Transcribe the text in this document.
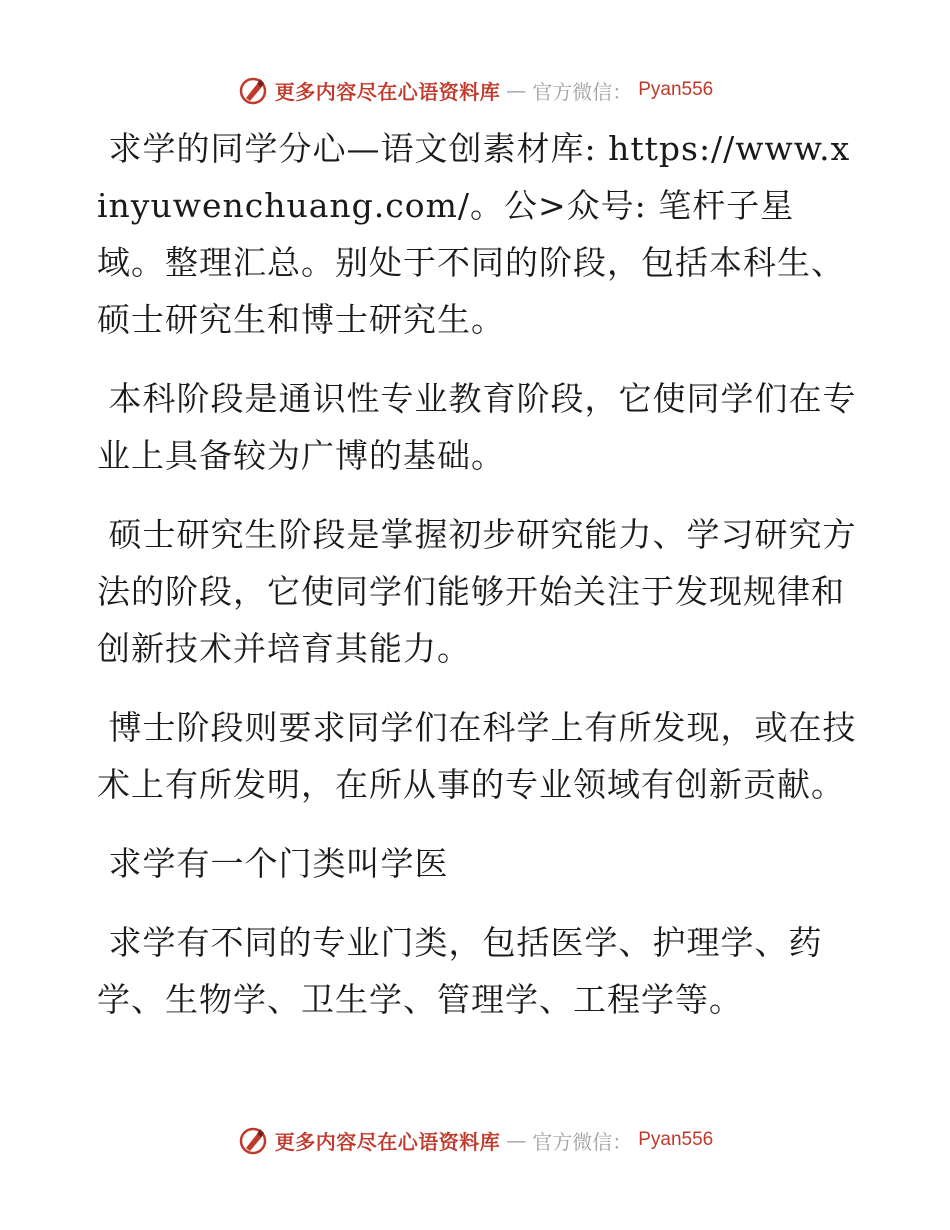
更多内容尽在心语资料库 — 官方微信： Pyan556

求学的同学分心—语文创素材库: https://www.xinyuwenchuang.com/。公>众号: 笔杆子星域。整理汇总。别处于不同的阶段，包括本科生、硕士研究生和博士研究生。

本科阶段是通识性专业教育阶段，它使同学们在专业上具备较为广博的基础。

硕士研究生阶段是掌握初步研究能力、学习研究方法的阶段，它使同学们能够开始关注于发现规律和创新技术并培育其能力。

博士阶段则要求同学们在科学上有所发现，或在技术上有所发明，在所从事的专业领域有创新贡献。

求学有一个门类叫学医

求学有不同的专业门类，包括医学、护理学、药学、生物学、卫生学、管理学、工程学等。

更多内容尽在心语资料库 — 官方微信： Pyan556
